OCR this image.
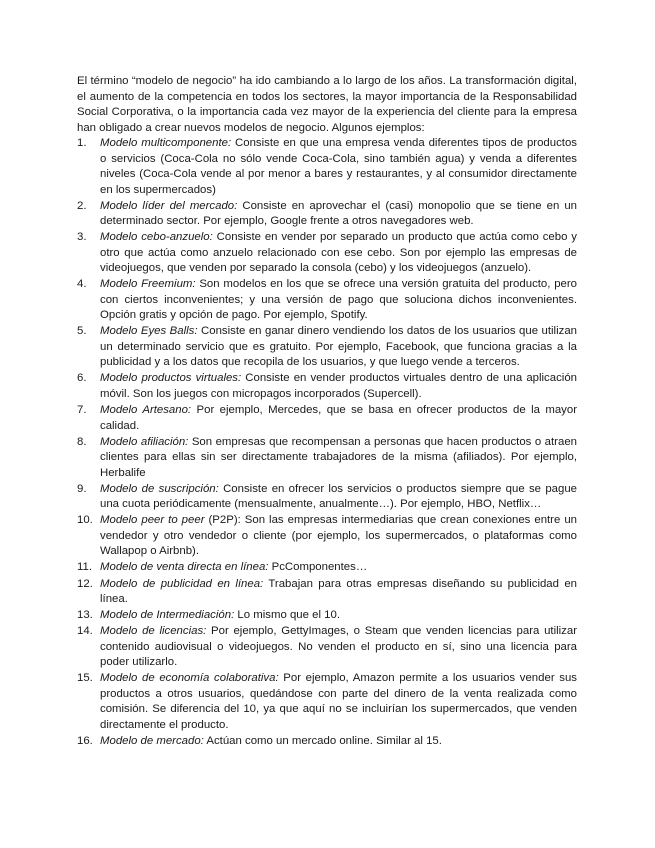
El término “modelo de negocio” ha ido cambiando a lo largo de los años. La transformación digital, el aumento de la competencia en todos los sectores, la mayor importancia de la Responsabilidad Social Corporativa, o la importancia cada vez mayor de la experiencia del cliente para la empresa han obligado a crear nuevos modelos de negocio. Algunos ejemplos:

1.	Modelo multicomponente: Consiste en que una empresa venda diferentes tipos de productos o servicios (Coca-Cola no sólo vende Coca-Cola, sino también agua) y venda a diferentes niveles (Coca-Cola vende al por menor a bares y restaurantes, y al consumidor directamente en los supermercados)
2.	Modelo líder del mercado: Consiste en aprovechar el (casi) monopolio que se tiene en un determinado sector. Por ejemplo, Google frente a otros navegadores web.
3.	Modelo cebo-anzuelo: Consiste en vender por separado un producto que actúa como cebo y otro que actúa como anzuelo relacionado con ese cebo. Son por ejemplo las empresas de videojuegos, que venden por separado la consola (cebo) y los videojuegos (anzuelo).
4.	Modelo Freemium: Son modelos en los que se ofrece una versión gratuita del producto, pero con ciertos inconvenientes; y una versión de pago que soluciona dichos inconvenientes. Opción gratis y opción de pago. Por ejemplo, Spotify.
5.	Modelo Eyes Balls: Consiste en ganar dinero vendiendo los datos de los usuarios que utilizan un determinado servicio que es gratuito. Por ejemplo, Facebook, que funciona gracias a la publicidad y a los datos que recopila de los usuarios, y que luego vende a terceros.
6.	Modelo productos virtuales: Consiste en vender productos virtuales dentro de una aplicación móvil. Son los juegos con micropagos incorporados (Supercell).
7.	Modelo Artesano: Por ejemplo, Mercedes, que se basa en ofrecer productos de la mayor calidad.
8.	Modelo afiliación: Son empresas que recompensan a personas que hacen productos o atraen clientes para ellas sin ser directamente trabajadores de la misma (afiliados). Por ejemplo, Herbalife
9.	Modelo de suscripción: Consiste en ofrecer los servicios o productos siempre que se pague una cuota periódicamente (mensualmente, anualmente…). Por ejemplo, HBO, Netflix…
10. Modelo peer to peer (P2P): Son las empresas intermediarias que crean conexiones entre un vendedor y otro vendedor o cliente (por ejemplo, los supermercados, o plataformas como Wallapop o Airbnb).
11. Modelo de venta directa en línea: PcComponentes…
12. Modelo de publicidad en línea: Trabajan para otras empresas diseñando su publicidad en línea.
13. Modelo de Intermediación: Lo mismo que el 10.
14. Modelo de licencias: Por ejemplo, GettyImages, o Steam que venden licencias para utilizar contenido audiovisual o videojuegos. No venden el producto en sí, sino una licencia para poder utilizarlo.
15. Modelo de economía colaborativa: Por ejemplo, Amazon permite a los usuarios vender sus productos a otros usuarios, quedándose con parte del dinero de la venta realizada como comisión. Se diferencia del 10, ya que aquí no se incluirían los supermercados, que venden directamente el producto.
16. Modelo de mercado: Actúan como un mercado online. Similar al 15.
